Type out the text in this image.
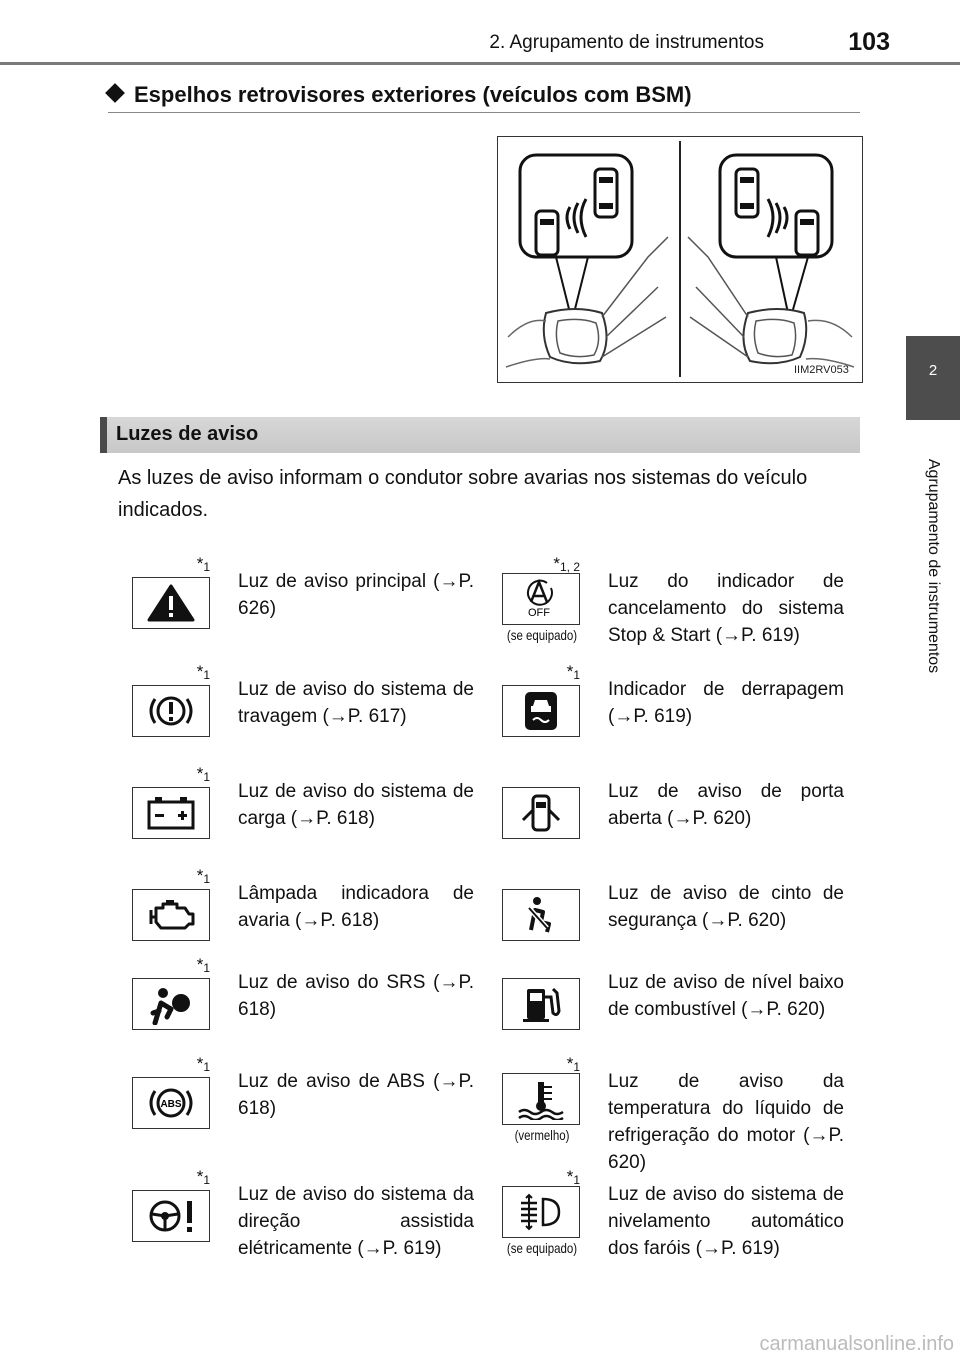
2. Agrupamento de instrumentos	103
2
Agrupamento de instrumentos
Espelhos retrovisores exteriores (veículos com BSM)
IIM2RV053
Luzes de aviso
As luzes de aviso informam o condutor sobre avarias nos sistemas do veículo indicados.
$*_1$
Luz de aviso principal (→P. 626)
$*_1$
Luz de aviso do sistema de travagem (→P. 617)
$*_1$
Luz de aviso do sistema de carga (→P. 618)
$*_1$
Lâmpada indicadora de avaria (→P. 618)
$*_1$
Luz de aviso do SRS (→P. 618)
ABS
$*_1$
Luz de aviso de ABS (→P. 618)
$*_1$
Luz de aviso do sistema da direção assistida elétricamente (→P. 619)
OFF
$*_{1, 2}$
(se equipado)
Luz do indicador de cancelamento do sistema Stop & Start (→P. 619)
$*_1$
Indicador de derrapagem (→P. 619)
Luz de aviso de porta aberta (→P. 620)
Luz de aviso de cinto de segurança (→P. 620)
Luz de aviso de nível baixo de combustível (→P. 620)
$*_1$
(vermelho)
Luz de aviso da temperatura do líquido de refrigeração do motor (→P. 620)
$*_1$
(se equipado)
Luz de aviso do sistema de nivelamento automático dos faróis (→P. 619)
carmanualsonline.info
